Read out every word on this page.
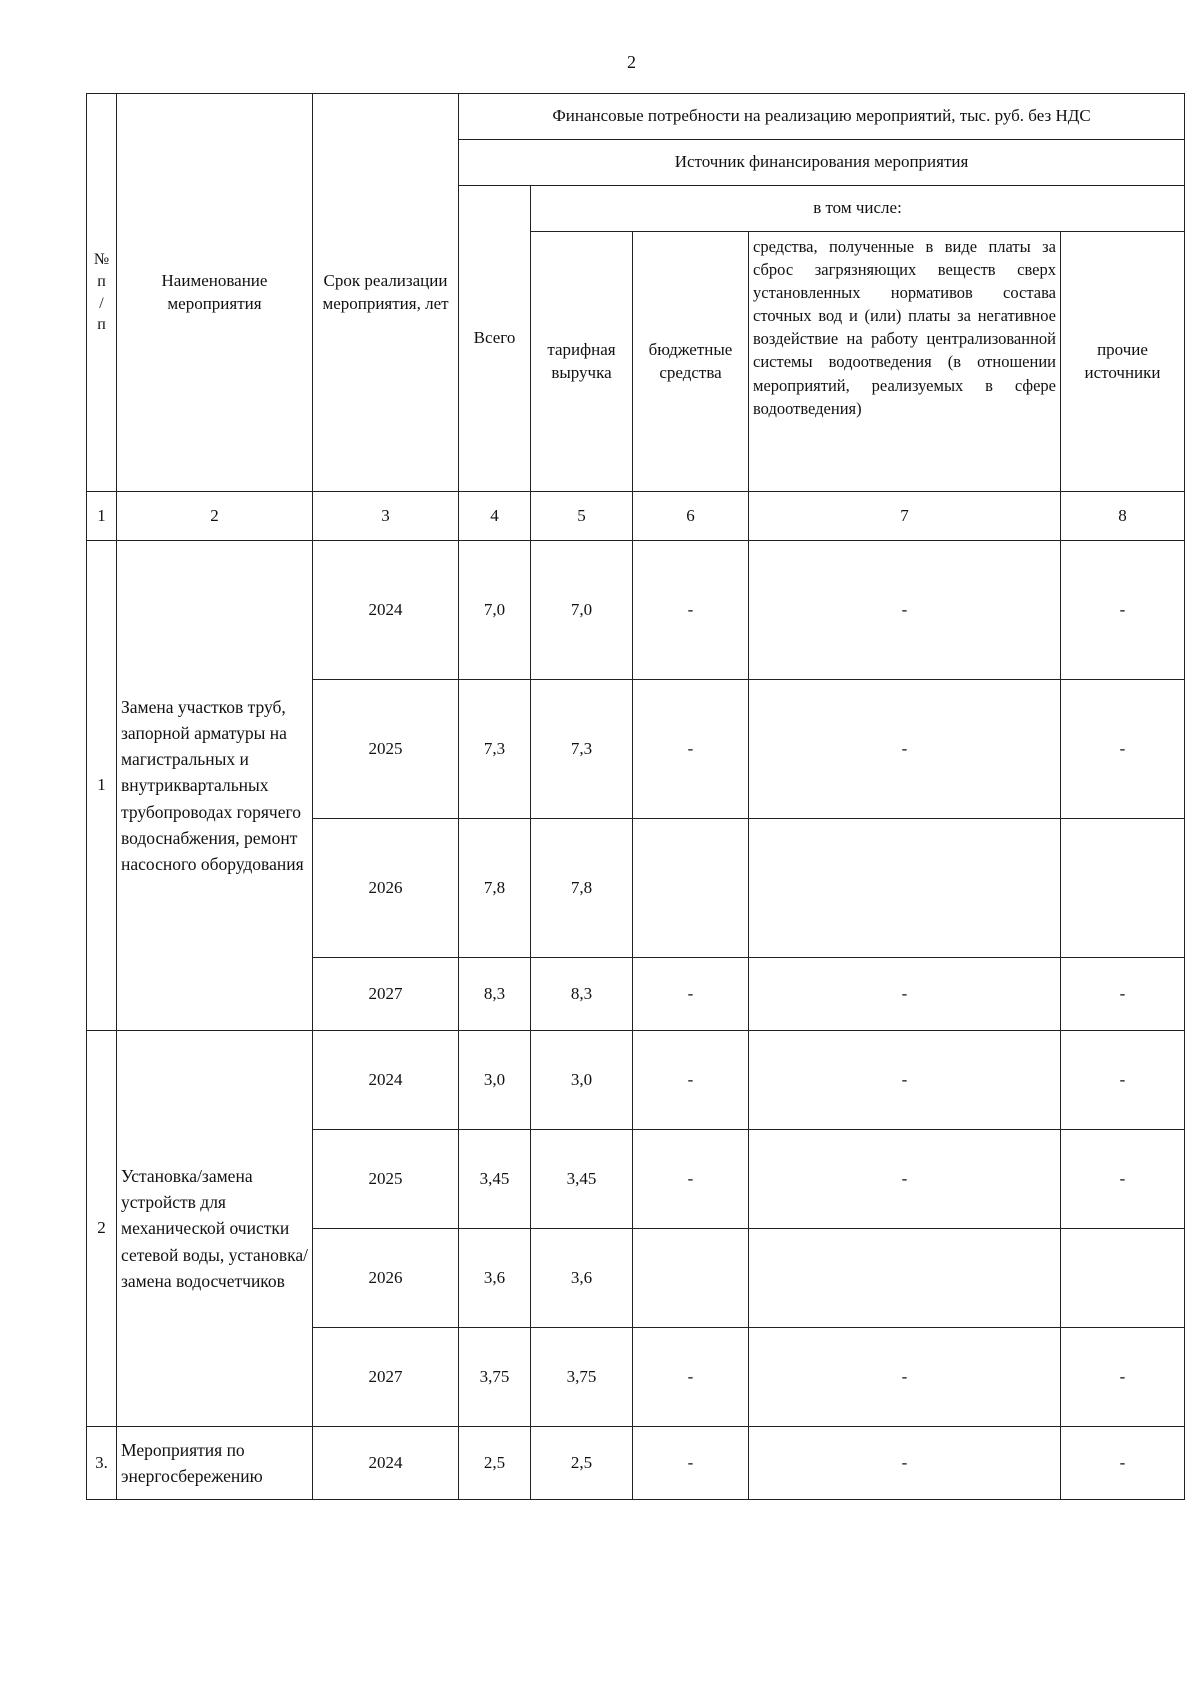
2
№
п
/
п	Наименование мероприятия	Срок реализации мероприятия, лет	Финансовые потребности на реализацию мероприятий, тыс. руб. без НДС				
			Источник финансирования мероприятия				
			Всего	в том числе:			
				тарифная выручка	бюджетные средства	средства, полученные в виде платы за сброс загрязняющих веществ сверх установленных нормативов состава сточных вод и (или) платы за негативное воздействие на работу централизованной системы водоотведения (в отношении мероприятий, реализуемых в сфере водоотведения)	прочие источники
1	2	3	4	5	6	7	8
1	Замена участков труб, запорной арматуры на магистральных и внутриквартальных трубопроводах горячего водоснабжения, ремонт насосного оборудования	2024	7,0	7,0	-	-	-
		2025	7,3	7,3	-	-	-
		2026	7,8	7,8			
		2027	8,3	8,3	-	-	-
2	Установка/замена устройств для механической очистки сетевой воды, установка/замена водосчетчиков	2024	3,0	3,0	-	-	-
		2025	3,45	3,45	-	-	-
		2026	3,6	3,6			
		2027	3,75	3,75	-	-	-
3.	Мероприятия по энергосбережению	2024	2,5	2,5	-	-	-
